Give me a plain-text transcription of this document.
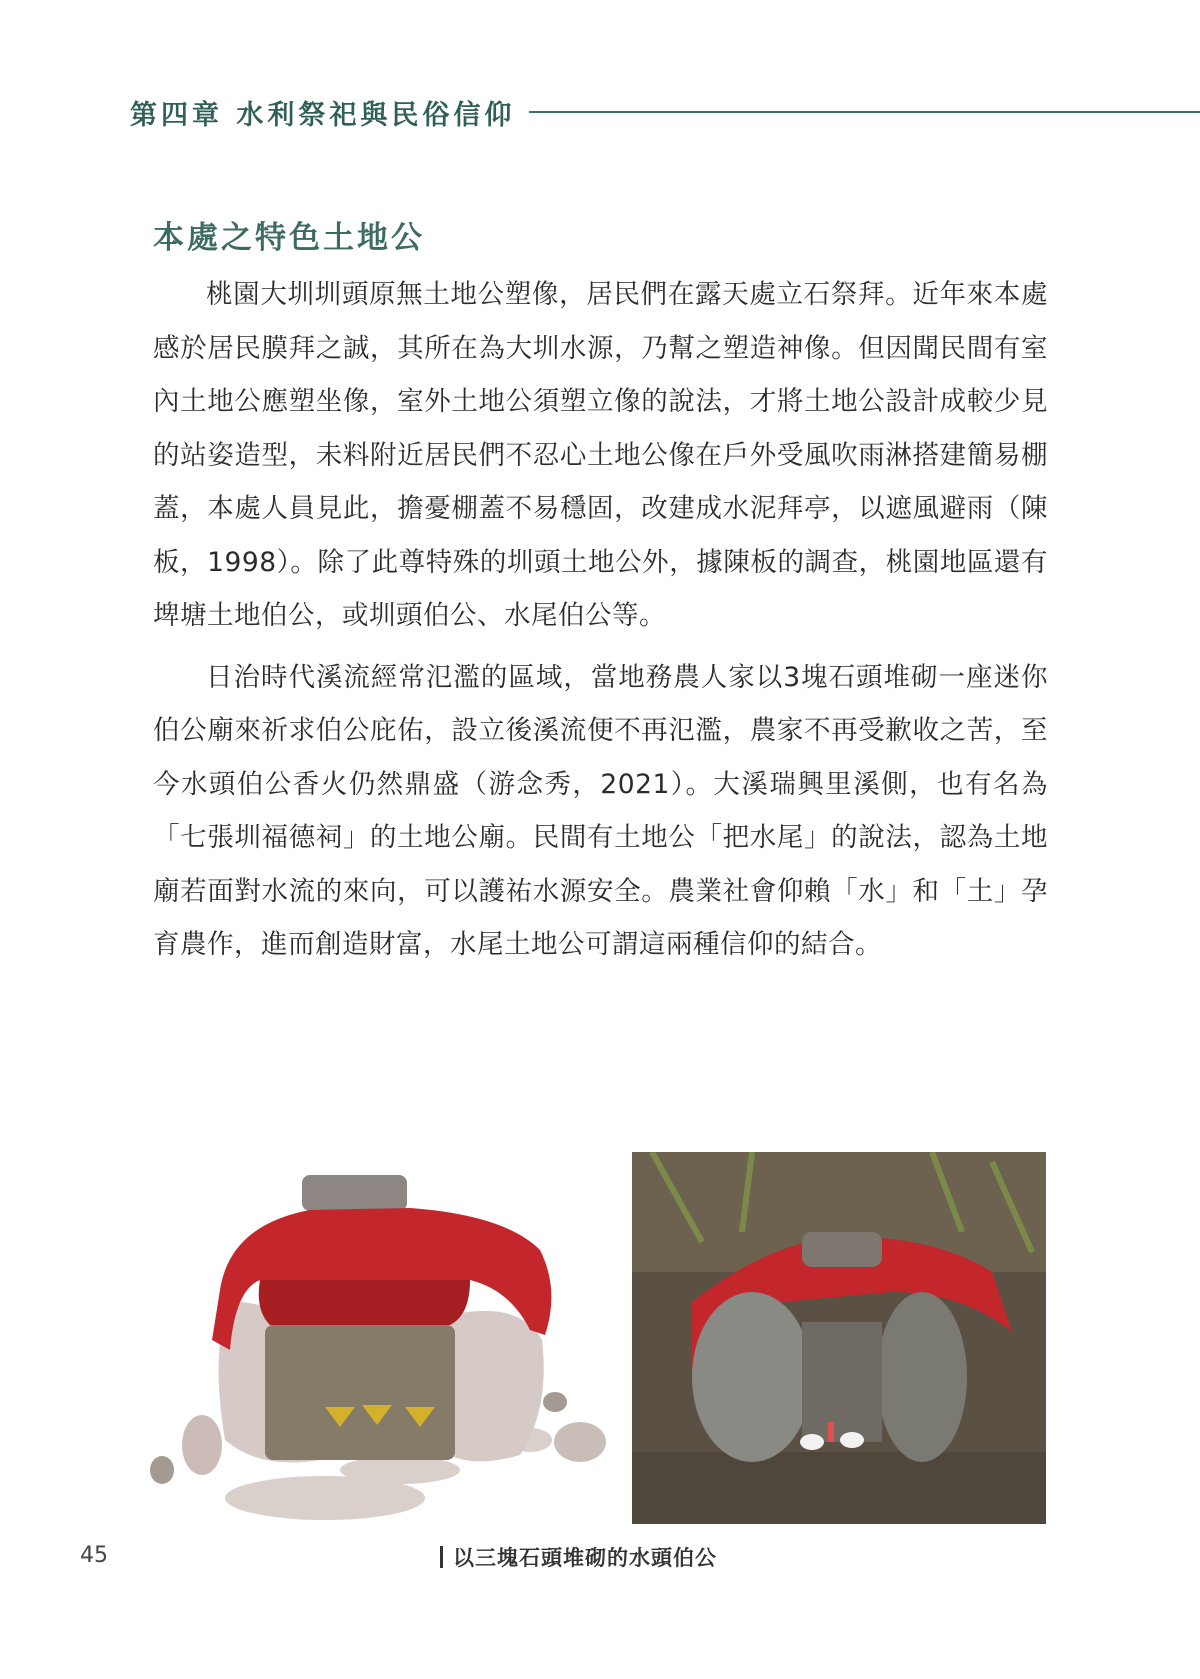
第四章 水利祭祀與民俗信仰
本處之特色土地公

桃園大圳圳頭原無土地公塑像，居民們在露天處立石祭拜。近年來本處感於居民膜拜之誠，其所在為大圳水源，乃幫之塑造神像。但因聞民間有室內土地公應塑坐像，室外土地公須塑立像的說法，才將土地公設計成較少見的站姿造型，未料附近居民們不忍心土地公像在戶外受風吹雨淋搭建簡易棚蓋，本處人員見此，擔憂棚蓋不易穩固，改建成水泥拜亭，以遮風避雨（陳板，1998）。除了此尊特殊的圳頭土地公外，據陳板的調查，桃園地區還有埤塘土地伯公，或圳頭伯公、水尾伯公等。

日治時代溪流經常氾濫的區域，當地務農人家以3塊石頭堆砌一座迷你伯公廟來祈求伯公庇佑，設立後溪流便不再氾濫，農家不再受歉收之苦，至今水頭伯公香火仍然鼎盛（游念秀，2021）。大溪瑞興里溪側，也有名為「七張圳福德祠」的土地公廟。民間有土地公「把水尾」的說法，認為土地廟若面對水流的來向，可以護祐水源安全。農業社會仰賴「水」和「土」孕育農作，進而創造財富，水尾土地公可謂這兩種信仰的結合。

以三塊石頭堆砌的水頭伯公
45
